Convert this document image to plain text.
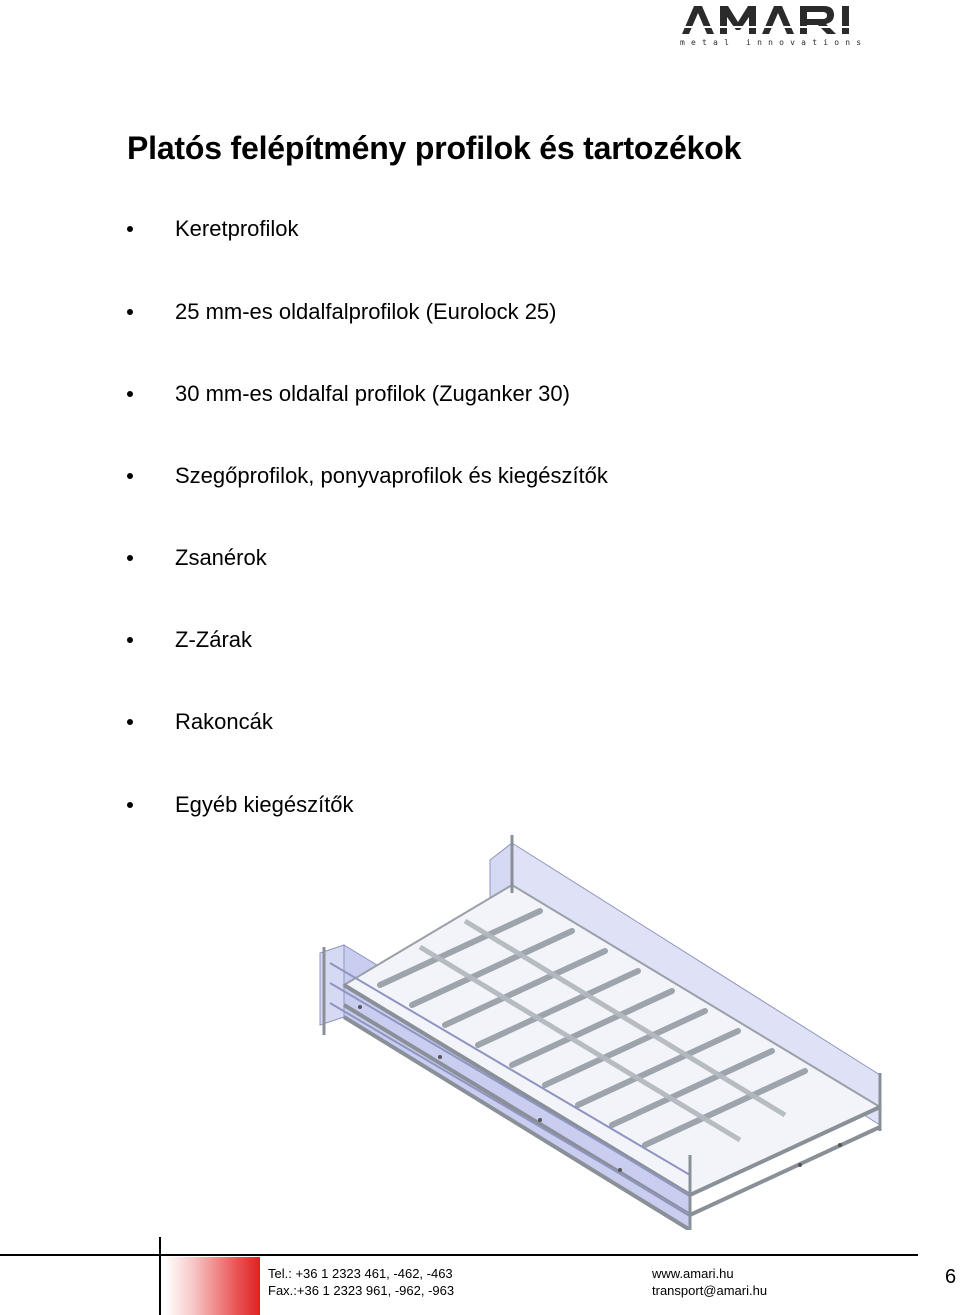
metal innovations
Platós felépítmény profilok és tartozékok
Keretprofilok
25 mm-es oldalfalprofilok (Eurolock 25)
30 mm-es oldalfal profilok (Zuganker 30)
Szegőprofilok, ponyvaprofilok és kiegészítők
Zsanérok
Z-Zárak
Rakoncák
Egyéb kiegészítők
Tel.: +36 1 2323 461, -462, -463
Fax.:+36 1 2323 961, -962, -963
www.amari.hu
transport@amari.hu
6
